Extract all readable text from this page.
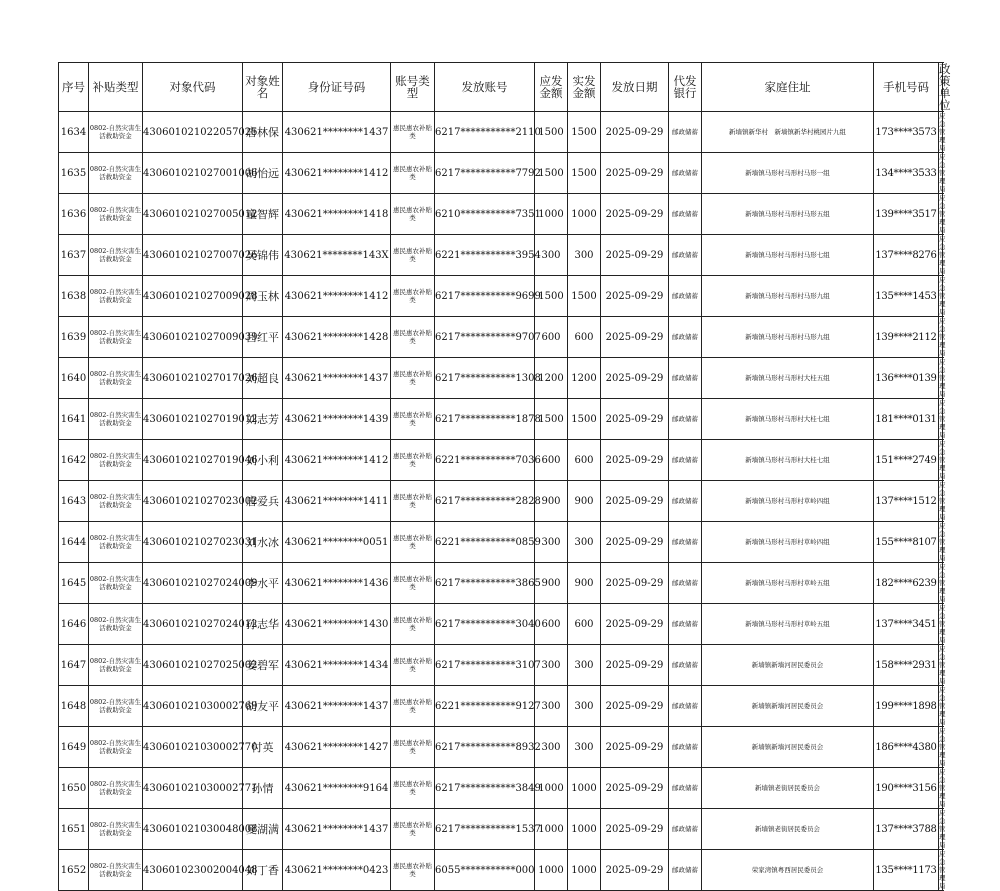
序号	补贴类型	对象代码	对象姓名	身份证号码	账号类型	发放账号	应发金额	实发金额	发放日期	代发银行	家庭住址	手机号码	政策单位
1634	0802-自然灾害生活救助资金	430601021022057025	唐林保	430621********1437	惠民惠农补贴类	6217***********2110	1500	1500	2025-09-29	邮政储蓄	新墙镇新华村　新墙镇新华村桃园片九组	173****3573	应急管理局
1635	0802-自然灾害生活救助资金	430601021027001006	胡怡远	430621********1412	惠民惠农补贴类	6217***********7792	1500	1500	2025-09-29	邮政储蓄	新墙镇马形村马形村马形一组	134****3533	应急管理局
1636	0802-自然灾害生活救助资金	430601021027005012	童智辉	430621********1418	惠民惠农补贴类	6210***********7351	1000	1000	2025-09-29	邮政储蓄	新墙镇马形村马形村马形五组	139****3517	应急管理局
1637	0802-自然灾害生活救助资金	430601021027007026	吴锦伟	430621********143X	惠民惠农补贴类	6221***********3954	300	300	2025-09-29	邮政储蓄	新墙镇马形村马形村马形七组	137****8276	应急管理局
1638	0802-自然灾害生活救助资金	430601021027009028	周玉林	430621********1412	惠民惠农补贴类	6217***********9699	1500	1500	2025-09-29	邮政储蓄	新墙镇马形村马形村马形九组	135****1453	应急管理局
1639	0802-自然灾害生活救助资金	430601021027009039	吕红平	430621********1428	惠民惠农补贴类	6217***********9707	600	600	2025-09-29	邮政储蓄	新墙镇马形村马形村马形九组	139****2112	应急管理局
1640	0802-自然灾害生活救助资金	430601021027017026	刘超良	430621********1437	惠民惠农补贴类	6217***********1308	1200	1200	2025-09-29	邮政储蓄	新墙镇马形村马形村大桂五组	136****0139	应急管理局
1641	0802-自然灾害生活救助资金	430601021027019012	刘志芳	430621********1439	惠民惠农补贴类	6217***********1878	1500	1500	2025-09-29	邮政储蓄	新墙镇马形村马形村大桂七组	181****0131	应急管理局
1642	0802-自然灾害生活救助资金	430601021027019046	刘小利	430621********1412	惠民惠农补贴类	6221***********7036	600	600	2025-09-29	邮政储蓄	新墙镇马形村马形村大桂七组	151****2749	应急管理局
1643	0802-自然灾害生活救助资金	430601021027023002	唐爱兵	430621********1411	惠民惠农补贴类	6217***********2828	900	900	2025-09-29	邮政储蓄	新墙镇马形村马形村草岭四组	137****1512	应急管理局
1644	0802-自然灾害生活救助资金	430601021027023031	刘水冰	430621********0051	惠民惠农补贴类	6221***********0859	300	300	2025-09-29	邮政储蓄	新墙镇马形村马形村草岭四组	155****8107	应急管理局
1645	0802-自然灾害生活救助资金	430601021027024009	李水平	430621********1436	惠民惠农补贴类	6217***********3865	900	900	2025-09-29	邮政储蓄	新墙镇马形村马形村草岭五组	182****6239	应急管理局
1646	0802-自然灾害生活救助资金	430601021027024012	孙志华	430621********1430	惠民惠农补贴类	6217***********3040	600	600	2025-09-29	邮政储蓄	新墙镇马形村马形村草岭五组	137****3451	应急管理局
1647	0802-自然灾害生活救助资金	430601021027025002	姜碧军	430621********1434	惠民惠农补贴类	6217***********3107	300	300	2025-09-29	邮政储蓄	新墙镇新墙河居民委员会	158****2931	应急管理局
1648	0802-自然灾害生活救助资金	430601021030002769	胡友平	430621********1437	惠民惠农补贴类	6221***********9127	300	300	2025-09-29	邮政储蓄	新墙镇新墙河居民委员会	199****1898	应急管理局
1649	0802-自然灾害生活救助资金	430601021030002770	付英	430621********1427	惠民惠农补贴类	6217***********8932	300	300	2025-09-29	邮政储蓄	新墙镇新墙河居民委员会	186****4380	应急管理局
1650	0802-自然灾害生活救助资金	430601021030002771	孙情	430621********9164	惠民惠农补贴类	6217***********3849	1000	1000	2025-09-29	邮政储蓄	新墙镇老街居民委员会	190****3156	应急管理局
1651	0802-自然灾害生活救助资金	430601021030048008	夏湖满	430621********1437	惠民惠农补贴类	6217***********1537	1000	1000	2025-09-29	邮政储蓄	新墙镇老街居民委员会	137****3788	应急管理局
1652	0802-自然灾害生活救助资金	430601023002004048	刘丁香	430621********0423	惠民惠农补贴类	6055***********000	1000	1000	2025-09-29	邮政储蓄	荣家湾镇粤西居民委员会	135****1173	应急管理局
